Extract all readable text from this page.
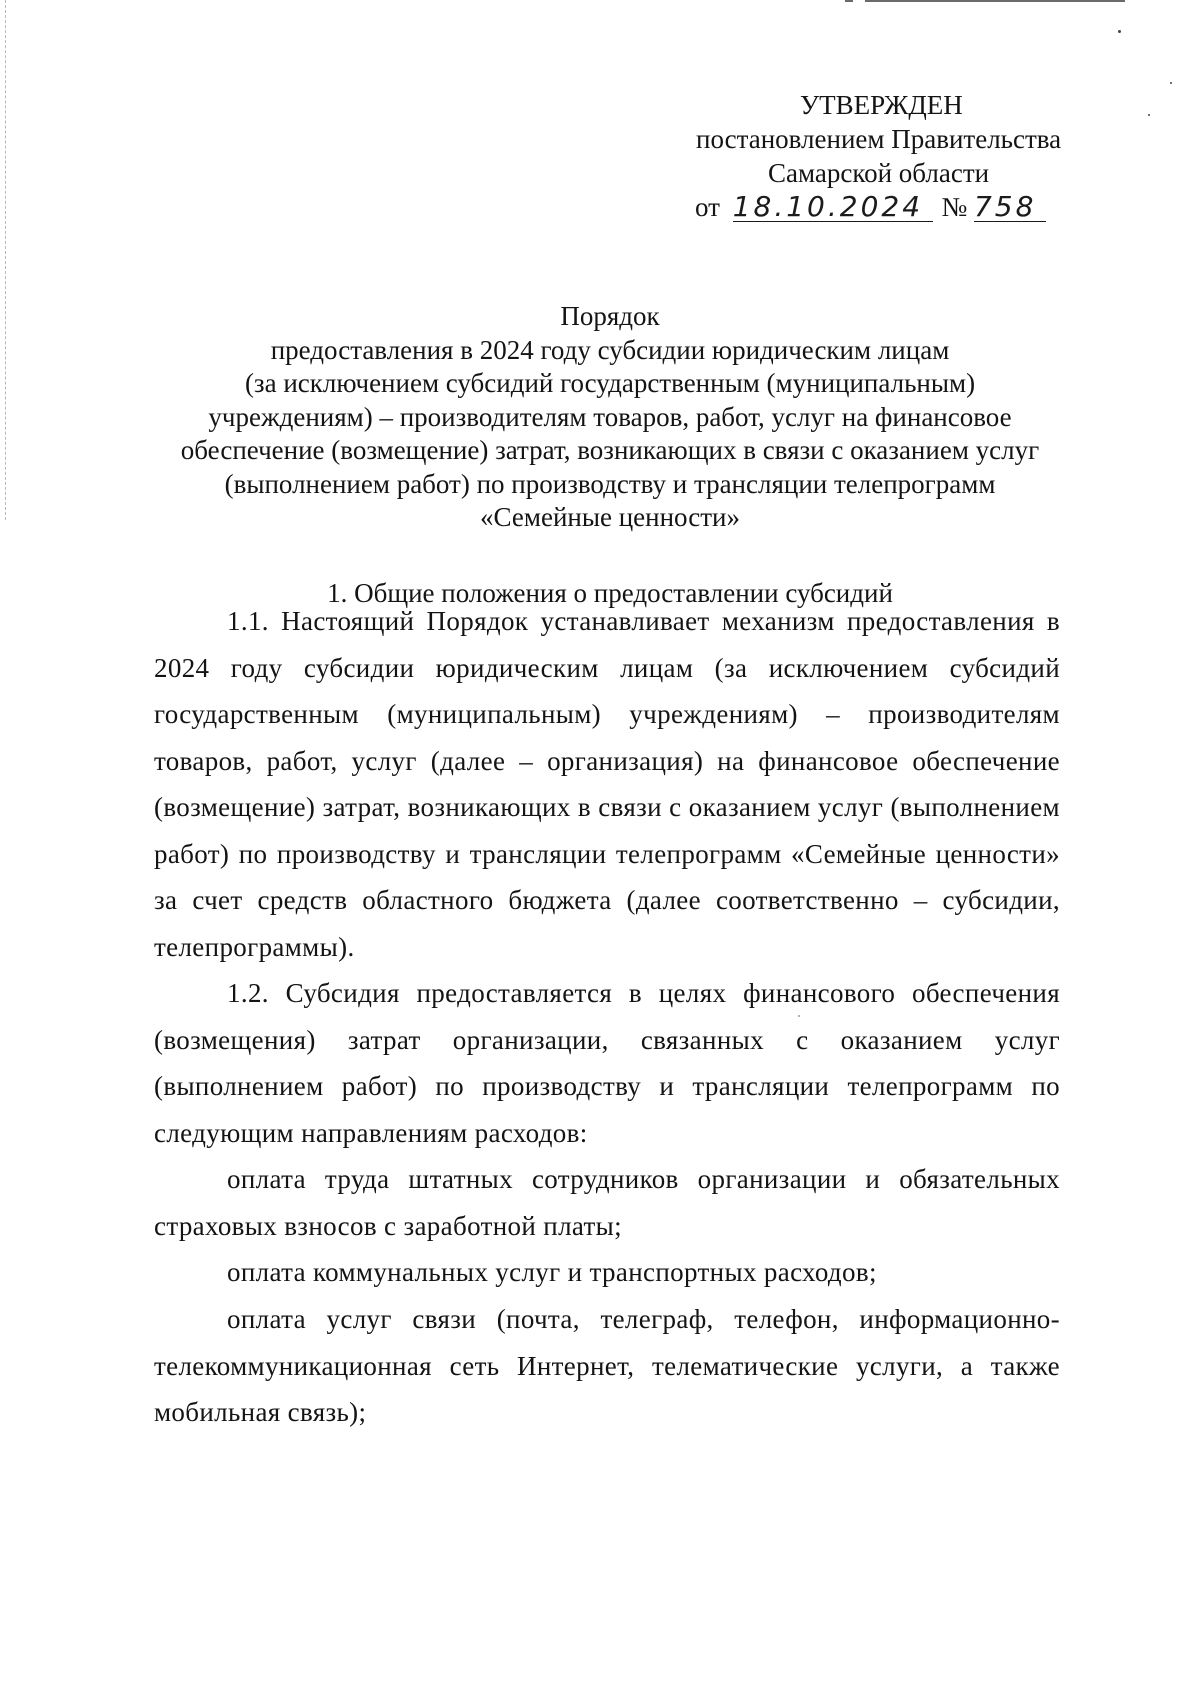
УТВЕРЖДЕН
постановлением Правительства
Самарской области
от 18.10.2024 № 758
Порядок
предоставления в 2024 году субсидии юридическим лицам
(за исключением субсидий государственным (муниципальным)
учреждениям) – производителям товаров, работ, услуг на финансовое
обеспечение (возмещение) затрат, возникающих в связи с оказанием услуг
(выполнением работ) по производству и трансляции телепрограмм
«Семейные ценности»
1. Общие положения о предоставлении субсидий
1.1. Настоящий Порядок устанавливает механизм предоставления в
2024 году субсидии юридическим лицам (за исключением субсидий
государственным (муниципальным) учреждениям) – производителям
товаров, работ, услуг (далее – организация) на финансовое обеспечение
(возмещение) затрат, возникающих в связи с оказанием услуг (выполнением
работ) по производству и трансляции телепрограмм «Семейные ценности»
за счет средств областного бюджета (далее соответственно – субсидии,
телепрограммы).
1.2. Субсидия предоставляется в целях финансового обеспечения
(возмещения) затрат организации, связанных с оказанием услуг
(выполнением работ) по производству и трансляции телепрограмм по
следующим направлениям расходов:
оплата труда штатных сотрудников организации и обязательных
страховых взносов с заработной платы;
оплата коммунальных услуг и транспортных расходов;
оплата услуг связи (почта, телеграф, телефон, информационно-
телекоммуникационная сеть Интернет, телематические услуги, а также
мобильная связь);
